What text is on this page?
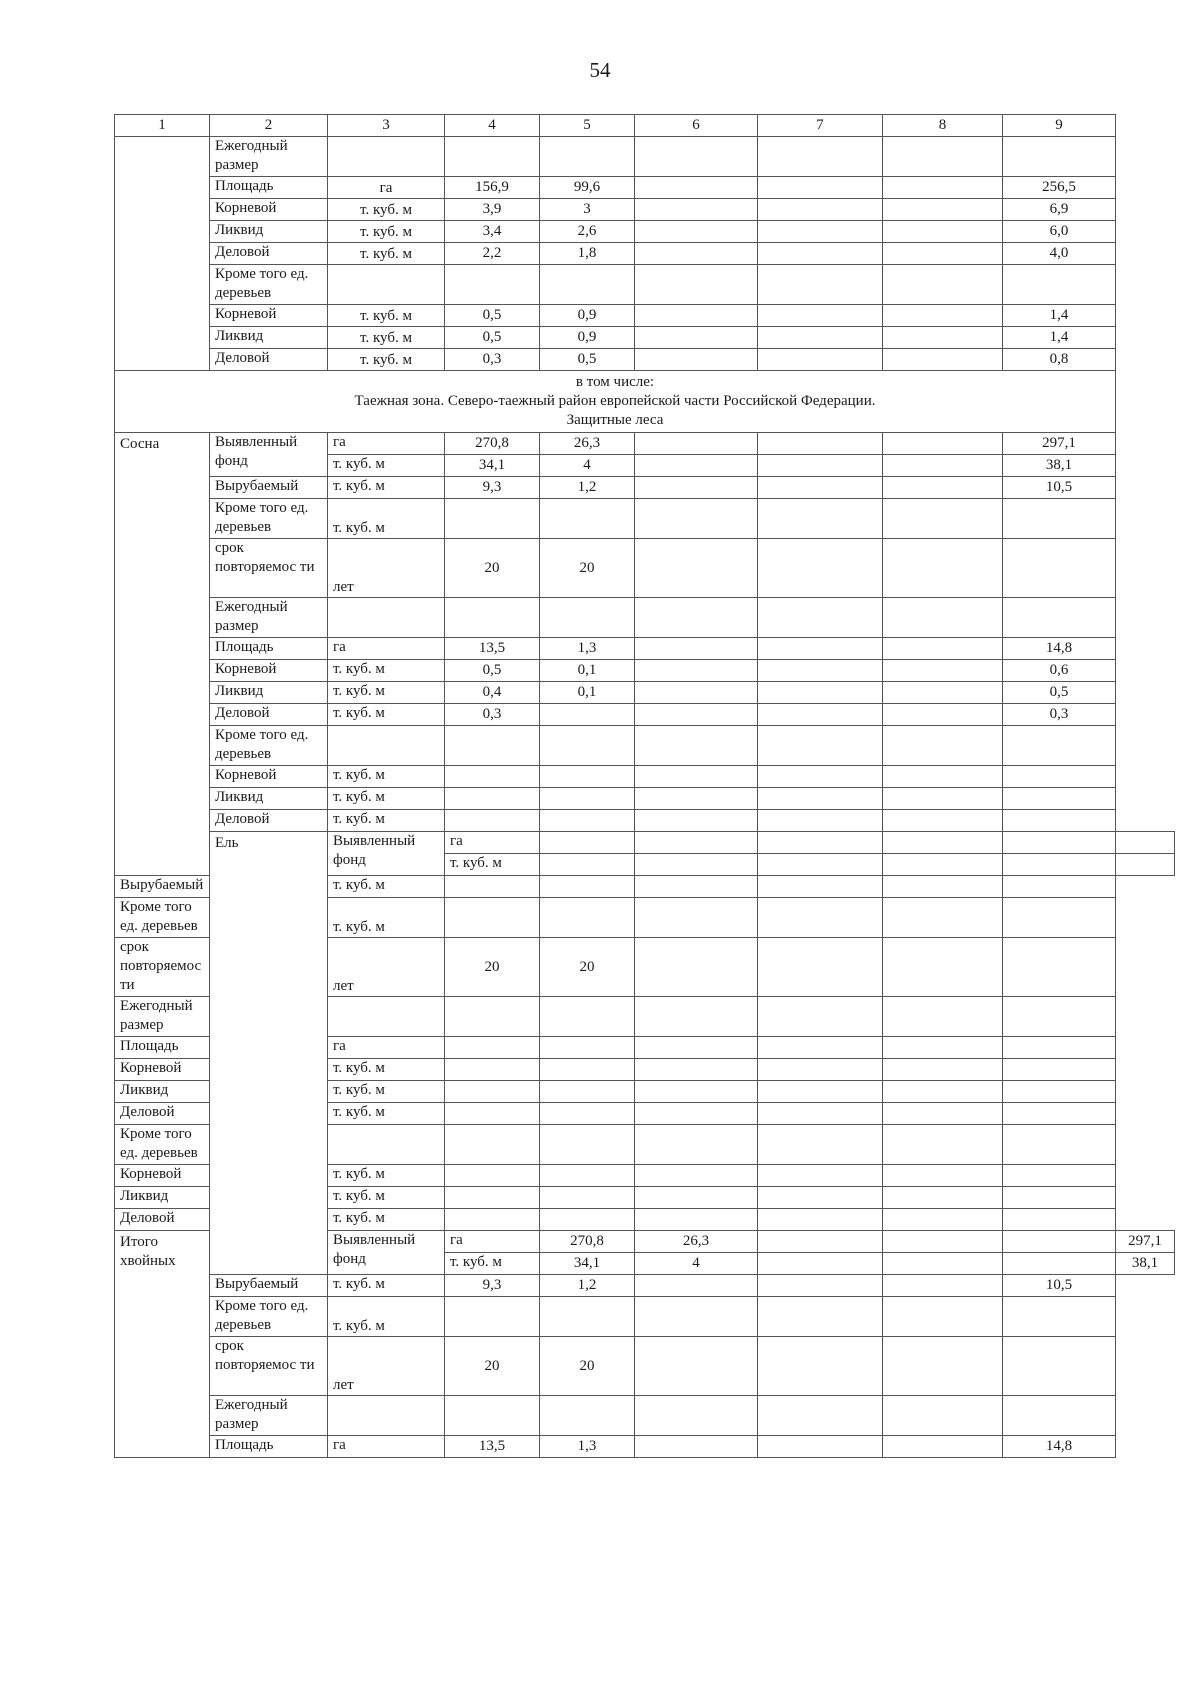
54
1	2	3	4	5	6	7	8	9	
	Ежегодный размер								
	Площадь	га	156,9	99,6				256,5	
	Корневой	т. куб. м	3,9	3				6,9	
	Ликвид	т. куб. м	3,4	2,6				6,0	
	Деловой	т. куб. м	2,2	1,8				4,0	
	Кроме того ед. деревьев								
	Корневой	т. куб. м	0,5	0,9				1,4	
	Ликвид	т. куб. м	0,5	0,9				1,4	
	Деловой	т. куб. м	0,3	0,5				0,8	

в том числе:
Таежная зона. Северо-таежный район европейской части Российской Федерации.
Защитные леса									

Сосна	Выявленный фонд	га	270,8	26,3				297,1	
		т. куб. м	34,1	4				38,1	
	Вырубаемый	т. куб. м	9,3	1,2				10,5	
	Кроме того ед. деревьев	т. куб. м							
	срок повторяемос ти	лет	20	20					
	Ежегодный размер								
	Площадь	га	13,5	1,3				14,8	
	Корневой	т. куб. м	0,5	0,1				0,6	
	Ликвид	т. куб. м	0,4	0,1				0,5	
	Деловой	т. куб. м	0,3					0,3	
	Кроме того ед. деревьев								
	Корневой	т. куб. м							
	Ликвид	т. куб. м							
	Деловой	т. куб. м							
	Ель	Выявленный фонд	га						
			т. куб. м						
Вырубаемый		т. куб. м							
Кроме того ед. деревьев		т. куб. м							
срок повторяемос ти		лет	20	20					
Ежегодный размер									
Площадь		га							
Корневой		т. куб. м							
Ликвид		т. куб. м							
Деловой		т. куб. м							
Кроме того ед. деревьев									
Корневой		т. куб. м							
Ликвид		т. куб. м							
Деловой		т. куб. м							
Итого хвойных		Выявленный фонд	га	270,8	26,3				297,1
			т. куб. м	34,1	4				38,1
	Вырубаемый	т. куб. м	9,3	1,2				10,5	
	Кроме того ед. деревьев	т. куб. м							
	срок повторяемос ти	лет	20	20					
	Ежегодный размер								
	Площадь	га	13,5	1,3				14,8	
